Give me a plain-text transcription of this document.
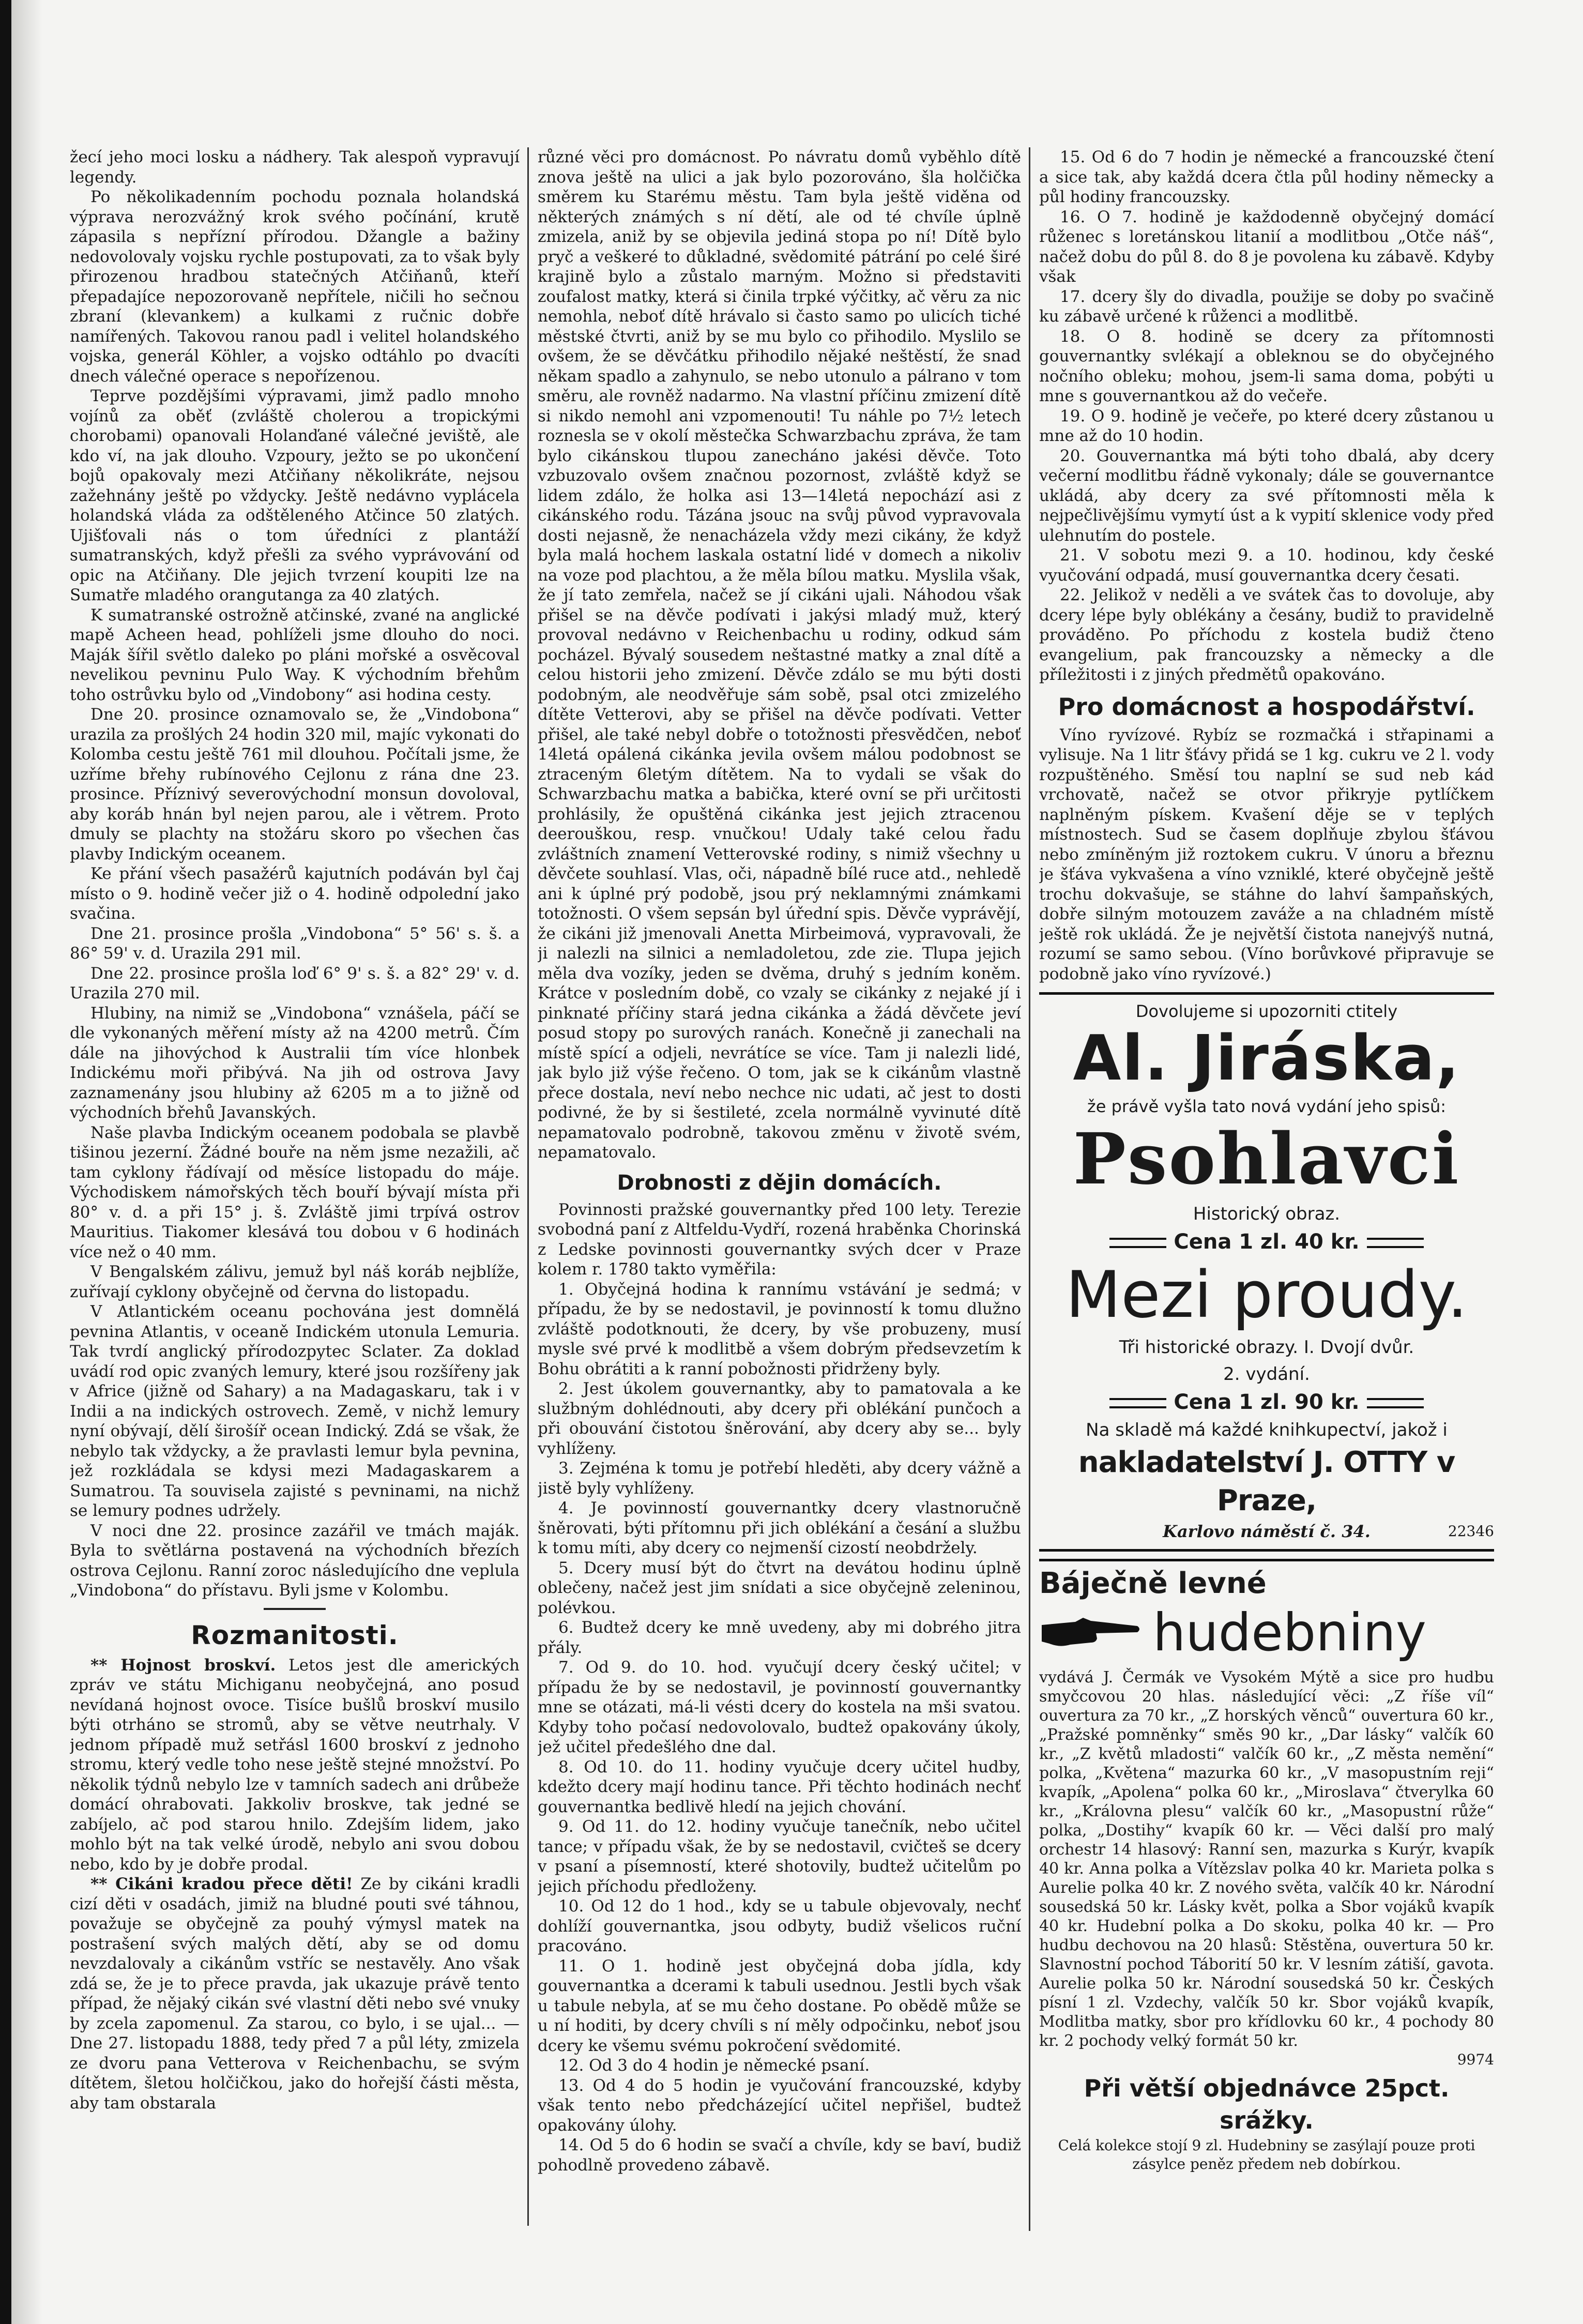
žecí jeho moci losku a nádhery. Tak alespoň vypravují legendy.

Po několikadenním pochodu poznala holandská výprava nerozvážný krok svého počínání, krutě zápasila s nepřízní přírodou. Džangle a bažiny nedovolovaly vojsku rychle postupovati, za to však byly přirozenou hradbou statečných Atčiňanů, kteří přepadajíce nepozorovaně nepřítele, ničili ho sečnou zbraní (klevankem) a kulkami z ručnic dobře namířených. Takovou ranou padl i velitel holandského vojska, generál Köhler, a vojsko odtáhlo po dvacíti dnech válečné operace s nepořízenou.

Teprve pozdějšími výpravami, jimž padlo mnoho vojínů za oběť (zvláště cholerou a tropickými chorobami) opanovali Holanďané válečné jeviště, ale kdo ví, na jak dlouho. Vzpoury, ježto se po ukončení bojů opakovaly mezi Atčiňany několikráte, nejsou zažehnány ještě po vždycky. Ještě nedávno vyplácela holandská vláda za odštěleného Atčince 50 zlatých. Ujišťovali nás o tom úředníci z plantáží sumatranských, když přešli za svého vyprávování od opic na Atčiňany. Dle jejich tvrzení koupiti lze na Sumatře mladého orangutanga za 40 zlatých.

K sumatranské ostrožně atčinské, zvané na anglické mapě Acheen head, pohlíželi jsme dlouho do noci. Maják šířil světlo daleko po pláni mořské a osvěcoval nevelikou pevninu Pulo Way. K východním břehům toho ostrůvku bylo od „Vindobony“ asi hodina cesty.

Dne 20. prosince oznamovalo se, že „Vindobona“ urazila za prošlých 24 hodin 320 mil, majíc vykonati do Kolomba cestu ještě 761 mil dlouhou. Počítali jsme, že uzříme břehy rubínového Cejlonu z rána dne 23. prosince. Příznivý severovýchodní monsun dovoloval, aby koráb hnán byl nejen parou, ale i větrem. Proto dmuly se plachty na stožáru skoro po všechen čas plavby Indickým oceanem.

Ke přání všech pasažérů kajutních podáván byl čaj místo o 9. hodině večer již o 4. hodině odpolední jako svačina.

Dne 21. prosince prošla „Vindobona“ 5° 56' s. š. a 86° 59' v. d. Urazila 291 mil.

Dne 22. prosince prošla loď 6° 9' s. š. a 82° 29' v. d. Urazila 270 mil.

Hlubiny, na nimiž se „Vindobona“ vznášela, páčí se dle vykonaných měření místy až na 4200 metrů. Čím dále na jihovýchod k Australii tím více hlonbek Indickému moři přibývá. Na jih od ostrova Javy zaznamenány jsou hlubiny až 6205 m a to jižně od východních břehů Javanských.

Naše plavba Indickým oceanem podobala se plavbě tišinou jezerní. Žádné bouře na něm jsme nezažili, ač tam cyklony řádívají od měsíce listopadu do máje. Východiskem námořských těch bouří bývají místa při 80° v. d. a při 15° j. š. Zvláště jimi trpívá ostrov Mauritius. Tiakomer klesává tou dobou v 6 hodinách více než o 40 mm.

V Bengalském zálivu, jemuž byl náš koráb nejblíže, zuřívají cyklony obyčejně od června do listopadu.

V Atlantickém oceanu pochována jest domnělá pevnina Atlantis, v oceaně Indickém utonula Lemuria. Tak tvrdí anglický přírodozpytec Sclater. Za doklad uvádí rod opic zvaných lemury, které jsou rozšířeny jak v Africe (jižně od Sahary) a na Madagaskaru, tak i v Indii a na indických ostrovech. Země, v nichž lemury nyní obývají, dělí širošíř ocean Indický. Zdá se však, že nebylo tak vždycky, a že pravlasti lemur byla pevnina, jež rozkládala se kdysi mezi Madagaskarem a Sumatrou. Ta souvisela zajisté s pevninami, na nichž se lemury podnes udržely.

V noci dne 22. prosince zazářil ve tmách maják. Byla to světlárna postavená na východních březích ostrova Cejlonu. Ranní zoroc následujícího dne veplula „Vindobona“ do přístavu. Byli jsme v Kolombu.

Rozmanitosti.

** Hojnost broskví. Letos jest dle amerických zpráv ve státu Michiganu neobyčejná, ano posud nevídaná hojnost ovoce. Tisíce bušlů broskví musilo býti otrháno se stromů, aby se větve neutrhaly. V jednom případě muž setřásl 1600 broskví z jednoho stromu, který vedle toho nese ještě stejné množství. Po několik týdnů nebylo lze v tamních sadech ani drůbeže domácí ohrabovati. Jakkoliv broskve, tak jedné se zabíjelo, ač pod starou hnilo. Zdejším lidem, jako mohlo být na tak velké úrodě, nebylo ani svou dobou nebo, kdo by je dobře prodal.

** Cikáni kradou přece děti! Ze by cikáni kradli cizí děti v osadách, jimiž na bludné pouti své táhnou, považuje se obyčejně za pouhý výmysl matek na postrašení svých malých dětí, aby se od domu nevzdalovaly a cikánům vstříc se nestavěly. Ano však zdá se, že je to přece pravda, jak ukazuje právě tento případ, že nějaký cikán své vlastní děti nebo své vnuky by zcela zapomenul. Za starou, co bylo, i se ujal... — Dne 27. listopadu 1888, tedy před 7 a půl léty, zmizela ze dvoru pana Vetterova v Reichenbachu, se svým dítětem, šletou holčičkou, jako do hořejší části města, aby tam obstarala

různé věci pro domácnost. Po návratu domů vyběhlo dítě znova ještě na ulici a jak bylo pozorováno, šla holčička směrem ku Starému městu. Tam byla ještě viděna od některých známých s ní dětí, ale od té chvíle úplně zmizela, aniž by se objevila jediná stopa po ní! Dítě bylo pryč a veškeré to důkladné, svědomité pátrání po celé širé krajině bylo a zůstalo marným. Možno si představiti zoufalost matky, která si činila trpké výčitky, ač věru za nic nemohla, neboť dítě hrávalo si často samo po ulicích tiché městské čtvrti, aniž by se mu bylo co přihodilo. Myslilo se ovšem, že se děvčátku přihodilo nějaké neštěstí, že snad někam spadlo a zahynulo, se nebo utonulo a pálrano v tom směru, ale rovněž nadarmo. Na vlastní příčinu zmizení dítě si nikdo nemohl ani vzpomenouti! Tu náhle po 7½ letech roznesla se v okolí městečka Schwarzbachu zpráva, že tam bylo cikánskou tlupou zanecháno jakési děvče. Toto vzbuzovalo ovšem značnou pozornost, zvláště když se lidem zdálo, že holka asi 13—14letá nepochází asi z cikánského rodu. Tázána jsouc na svůj původ vypravovala dosti nejasně, že nenacházela vždy mezi cikány, že když byla malá hochem laskala ostatní lidé v domech a nikoliv na voze pod plachtou, a že měla bílou matku. Myslila však, že jí tato zemřela, načež se jí cikáni ujali. Náhodou však přišel se na děvče podívati i jakýsi mladý muž, který provoval nedávno v Reichenbachu u rodiny, odkud sám pocházel. Bývalý sousedem neštastné matky a znal dítě a celou historii jeho zmizení. Děvče zdálo se mu býti dosti podobným, ale neodvěřuje sám sobě, psal otci zmizelého dítěte Vetterovi, aby se přišel na děvče podívati. Vetter přišel, ale také nebyl dobře o totožnosti přesvědčen, neboť 14letá opálená cikánka jevila ovšem málou podobnost se ztraceným 6letým dítětem. Na to vydali se však do Schwarzbachu matka a babička, které ovní se při určitosti prohlásily, že opuštěná cikánka jest jejich ztracenou deerouškou, resp. vnučkou! Udaly také celou řadu zvláštních znamení Vetterovské rodiny, s nimiž všechny u děvčete souhlasí. Vlas, oči, nápadně bílé ruce atd., nehledě ani k úplné prý podobě, jsou prý neklamnými známkami totožnosti. O všem sepsán byl úřední spis. Děvče vyprávějí, že cikáni již jmenovali Anetta Mirbeimová, vypravovali, že ji nalezli na silnici a nemladoletou, zde zie. Tlupa jejich měla dva vozíky, jeden se dvěma, druhý s jedním koněm. Krátce v posledním době, co vzaly se cikánky z nejaké jí i pinknaté příčiny stará jedna cikánka a žádá děvčete jeví posud stopy po surových ranách. Konečně ji zanechali na místě spící a odjeli, nevrátíce se více. Tam ji nalezli lidé, jak bylo již výše řečeno. O tom, jak se k cikánům vlastně přece dostala, neví nebo nechce nic udati, ač jest to dosti podivné, že by si šestileté, zcela normálně vyvinuté dítě nepamatovalo podrobně, takovou změnu v životě svém, nepamatovalo.

Drobnosti z dějin domácích.

Povinnosti pražské gouvernantky před 100 lety. Terezie svobodná paní z Altfeldu-Vydří, rozená hraběnka Chorinská z Ledske povinnosti gouvernantky svých dcer v Praze kolem r. 1780 takto vyměřila:

1. Obyčejná hodina k rannímu vstávání je sedmá; v případu, že by se nedostavil, je povinností k tomu dlužno zvláště podotknouti, že dcery, by vše probuzeny, musí mysle své prvé k modlitbě a všem dobrým předsevzetím k Bohu obrátiti a k ranní pobožnosti přidrženy byly.

2. Jest úkolem gouvernantky, aby to pamatovala a ke službným dohlédnouti, aby dcery při oblékání punčoch a při obouvání čistotou šněrování, aby dcery aby se... byly vyhlíženy.

3. Zejména k tomu je potřebí hleděti, aby dcery vážně a jistě byly vyhlíženy.

4. Je povinností gouvernantky dcery vlastnoručně šněrovati, býti přítomnu při jich oblékání a česání a službu k tomu míti, aby dcery co nejmenší cizostí neobdržely.

5. Dcery musí být do čtvrt na devátou hodinu úplně oblečeny, načež jest jim snídati a sice obyčejně zeleninou, polévkou.

6. Budtež dcery ke mně uvedeny, aby mi dobrého jitra přály.

7. Od 9. do 10. hod. vyučují dcery český učitel; v případu že by se nedostavil, je povinností gouvernantky mne se otázati, má-li vésti dcery do kostela na mši svatou. Kdyby toho počasí nedovolovalo, budtež opakovány úkoly, jež učitel předešlého dne dal.

8. Od 10. do 11. hodiny vyučuje dcery učitel hudby, kdežto dcery mají hodinu tance. Při těchto hodinách nechť gouvernantka bedlivě hledí na jejich chování.

9. Od 11. do 12. hodiny vyučuje tanečník, nebo učitel tance; v případu však, že by se nedostavil, cvičteš se dcery v psaní a písemností, které shotovily, budtež učitelům po jejich příchodu předloženy.

10. Od 12 do 1 hod., kdy se u tabule objevovaly, nechť dohlíží gouvernantka, jsou odbyty, budiž všelicos ruční pracováno.

11. O 1. hodině jest obyčejná doba jídla, kdy gouvernantka a dcerami k tabuli usednou. Jestli bych však u tabule nebyla, ať se mu čeho dostane. Po obědě může se u ní hoditi, by dcery chvíli s ní měly odpočinku, neboť jsou dcery ke všemu svému pokročení svědomité.

12. Od 3 do 4 hodin je německé psaní.

13. Od 4 do 5 hodin je vyučování francouzské, kdyby však tento nebo předcházející učitel nepřišel, budtež opakovány úlohy.

14. Od 5 do 6 hodin se svačí a chvíle, kdy se baví, budiž pohodlně provedeno zábavě.

15. Od 6 do 7 hodin je německé a francouzské čtení a sice tak, aby každá dcera čtla půl hodiny německy a půl hodiny francouzsky.

16. O 7. hodině je každodenně obyčejný domácí růženec s loretánskou litanií a modlitbou „Otče náš“, načež dobu do půl 8. do 8 je povolena ku zábavě. Kdyby však

17. dcery šly do divadla, použije se doby po svačině ku zábavě určené k růženci a modlitbě.

18. O 8. hodině se dcery za přítomnosti gouvernantky svlékají a obleknou se do obyčejného nočního obleku; mohou, jsem-li sama doma, pobýti u mne s gouvernantkou až do večeře.

19. O 9. hodině je večeře, po které dcery zůstanou u mne až do 10 hodin.

20. Gouvernantka má býti toho dbalá, aby dcery večerní modlitbu řádně vykonaly; dále se gouvernantce ukládá, aby dcery za své přítomnosti měla k nejpečlivějšímu vymytí úst a k vypití sklenice vody před ulehnutím do postele.

21. V sobotu mezi 9. a 10. hodinou, kdy české vyučování odpadá, musí gouvernantka dcery česati.

22. Jelikož v neděli a ve svátek čas to dovoluje, aby dcery lépe byly oblékány a česány, budiž to pravidelně prováděno. Po příchodu z kostela budiž čteno evangelium, pak francouzsky a německy a dle příležitosti i z jiných předmětů opakováno.

Pro domácnost a hospodářství.

Víno ryvízové. Rybíz se rozmačká i střapinami a vylisuje. Na 1 litr šťávy přidá se 1 kg. cukru ve 2 l. vody rozpuštěného. Směsí tou naplní se sud neb kád vrchovatě, načež se otvor přikryje pytlíčkem naplněným pískem. Kvašení děje se v teplých místnostech. Sud se časem doplňuje zbylou šťávou nebo zmíněným již roztokem cukru. V únoru a březnu je šťáva vykvašena a víno vzniklé, které obyčejně ještě trochu dokvašuje, se stáhne do lahví šampaňských, dobře silným motouzem zaváže a na chladném místě ještě rok ukládá. Že je největší čistota nanejvýš nutná, rozumí se samo sebou. (Víno borůvkové připravuje se podobně jako víno ryvízové.)

Dovolujeme si upozorniti ctitely
Al. Jiráska,
že právě vyšla tato nová vydání jeho spisů:
Psohlavci
Historický obraz.
Cena 1 zl. 40 kr.
Mezi proudy.
Tři historické obrazy. I. Dvojí dvůr.
2. vydání.
Cena 1 zl. 90 kr.
Na skladě má každé knihkupectví, jakož i
nakladatelství J. OTTY v Praze,
Karlovo náměstí č. 34.	22346
Báječně levné
hudebniny
vydává J. Čermák ve Vysokém Mýtě a sice pro hudbu smyčcovou 20 hlas. následující věci: „Z říše víl“ ouvertura za 70 kr., „Z horských věnců“ ouvertura 60 kr., „Pražské pomněnky“ směs 90 kr., „Dar lásky“ valčík 60 kr., „Z květů mladosti“ valčík 60 kr., „Z města nemění“ polka, „Květena“ mazurka 60 kr., „V masopustním reji“ kvapík, „Apolena“ polka 60 kr., „Miroslava“ čtverylka 60 kr., „Královna plesu“ valčík 60 kr., „Masopustní růže“ polka, „Dostihy“ kvapík 60 kr. — Věci další pro malý orchestr 14 hlasový: Ranní sen, mazurka s Kurýr, kvapík 40 kr. Anna polka a Vítězslav polka 40 kr. Marieta polka s Aurelie polka 40 kr. Z nového světa, valčík 40 kr. Národní sousedská 50 kr. Lásky květ, polka a Sbor vojáků kvapík 40 kr. Hudební polka a Do skoku, polka 40 kr. — Pro hudbu dechovou na 20 hlasů: Stěstěna, ouvertura 50 kr. Slavnostní pochod Táborití 50 kr. V lesním zátiší, gavota. Aurelie polka 50 kr. Národní sousedská 50 kr. Českých písní 1 zl. Vzdechy, valčík 50 kr. Sbor vojáků kvapík, Modlitba matky, sbor pro křídlovku 60 kr., 4 pochody 80 kr. 2 pochody velký formát 50 kr.
9974
Při větší objednávce 25pct. srážky.
Celá kolekce stojí 9 zl. Hudebniny se zasýlají pouze proti zásylce peněz předem neb dobírkou.
